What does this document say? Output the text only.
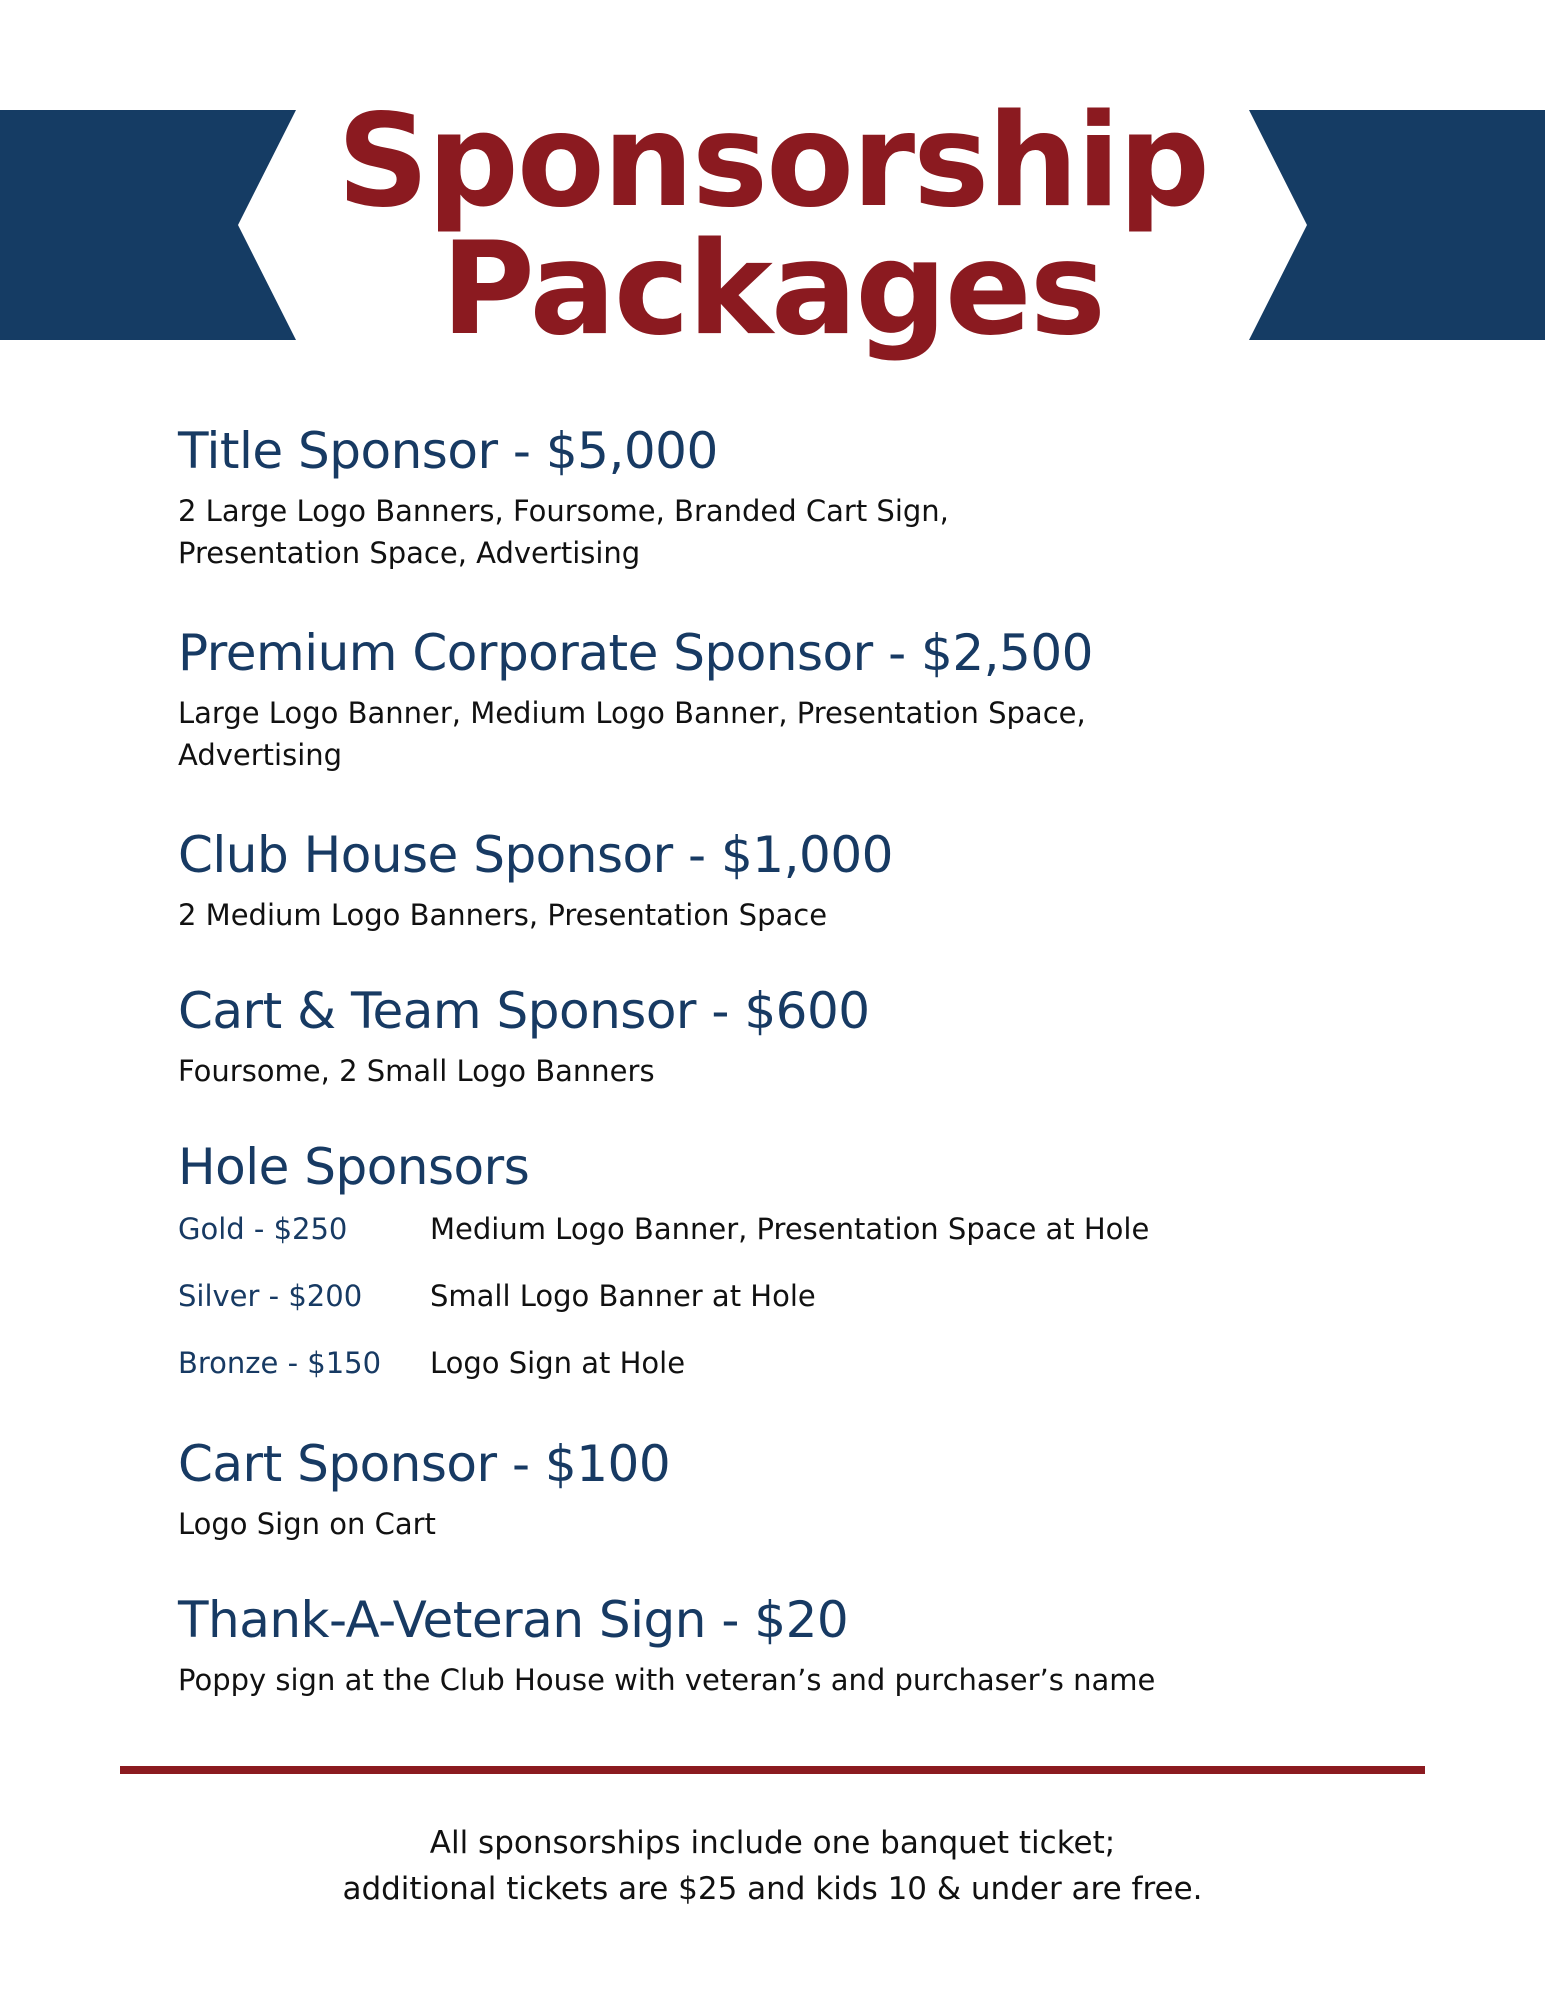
Sponsorship
Packages
Title Sponsor - $5,000

2 Large Logo Banners, Foursome, Branded Cart Sign, Presentation Space, Advertising

Premium Corporate Sponsor - $2,500

Large Logo Banner, Medium Logo Banner, Presentation Space, Advertising

Club House Sponsor - $1,000

2 Medium Logo Banners, Presentation Space

Cart & Team Sponsor - $600

Foursome, 2 Small Logo Banners

Hole Sponsors
Gold - $250	Medium Logo Banner, Presentation Space at Hole
Silver - $200	Small Logo Banner at Hole
Bronze - $150	Logo Sign at Hole
Cart Sponsor - $100

Logo Sign on Cart

Thank-A-Veteran Sign - $20

Poppy sign at the Club House with veteran’s and purchaser’s name

All sponsorships include one banquet ticket;
additional tickets are $25 and kids 10 & under are free.
